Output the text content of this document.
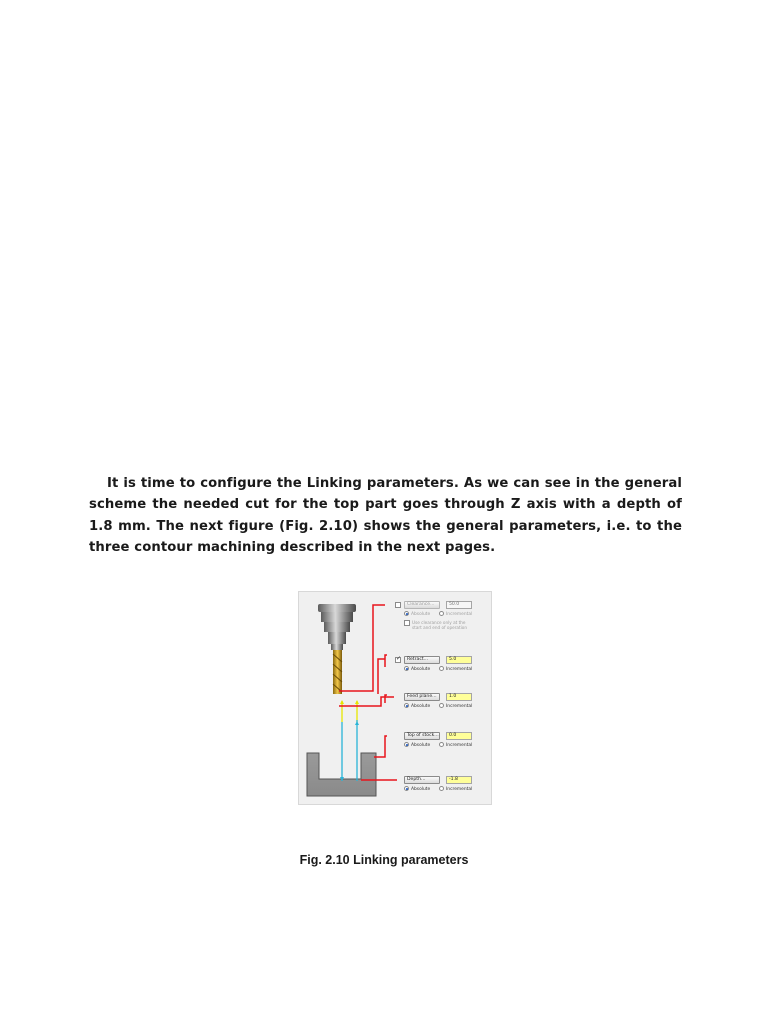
It is time to configure the Linking parameters. As we can see in the general scheme the needed cut for the top part goes through Z axis with a depth of 1.8 mm. The next figure (Fig. 2.10) shows the general parameters, i.e. to the three contour machining described in the next pages.

Clearance...	50.0
Absolute	Incremental
Use clearance only at the
start and end of operation
✓
Retract...	5.0
Absolute	Incremental
Feed plane...	1.0
Absolute	Incremental
Top of stock...	0.0
Absolute	Incremental
Depth...	-1.8
Absolute	Incremental
Fig. 2.10 Linking parameters
